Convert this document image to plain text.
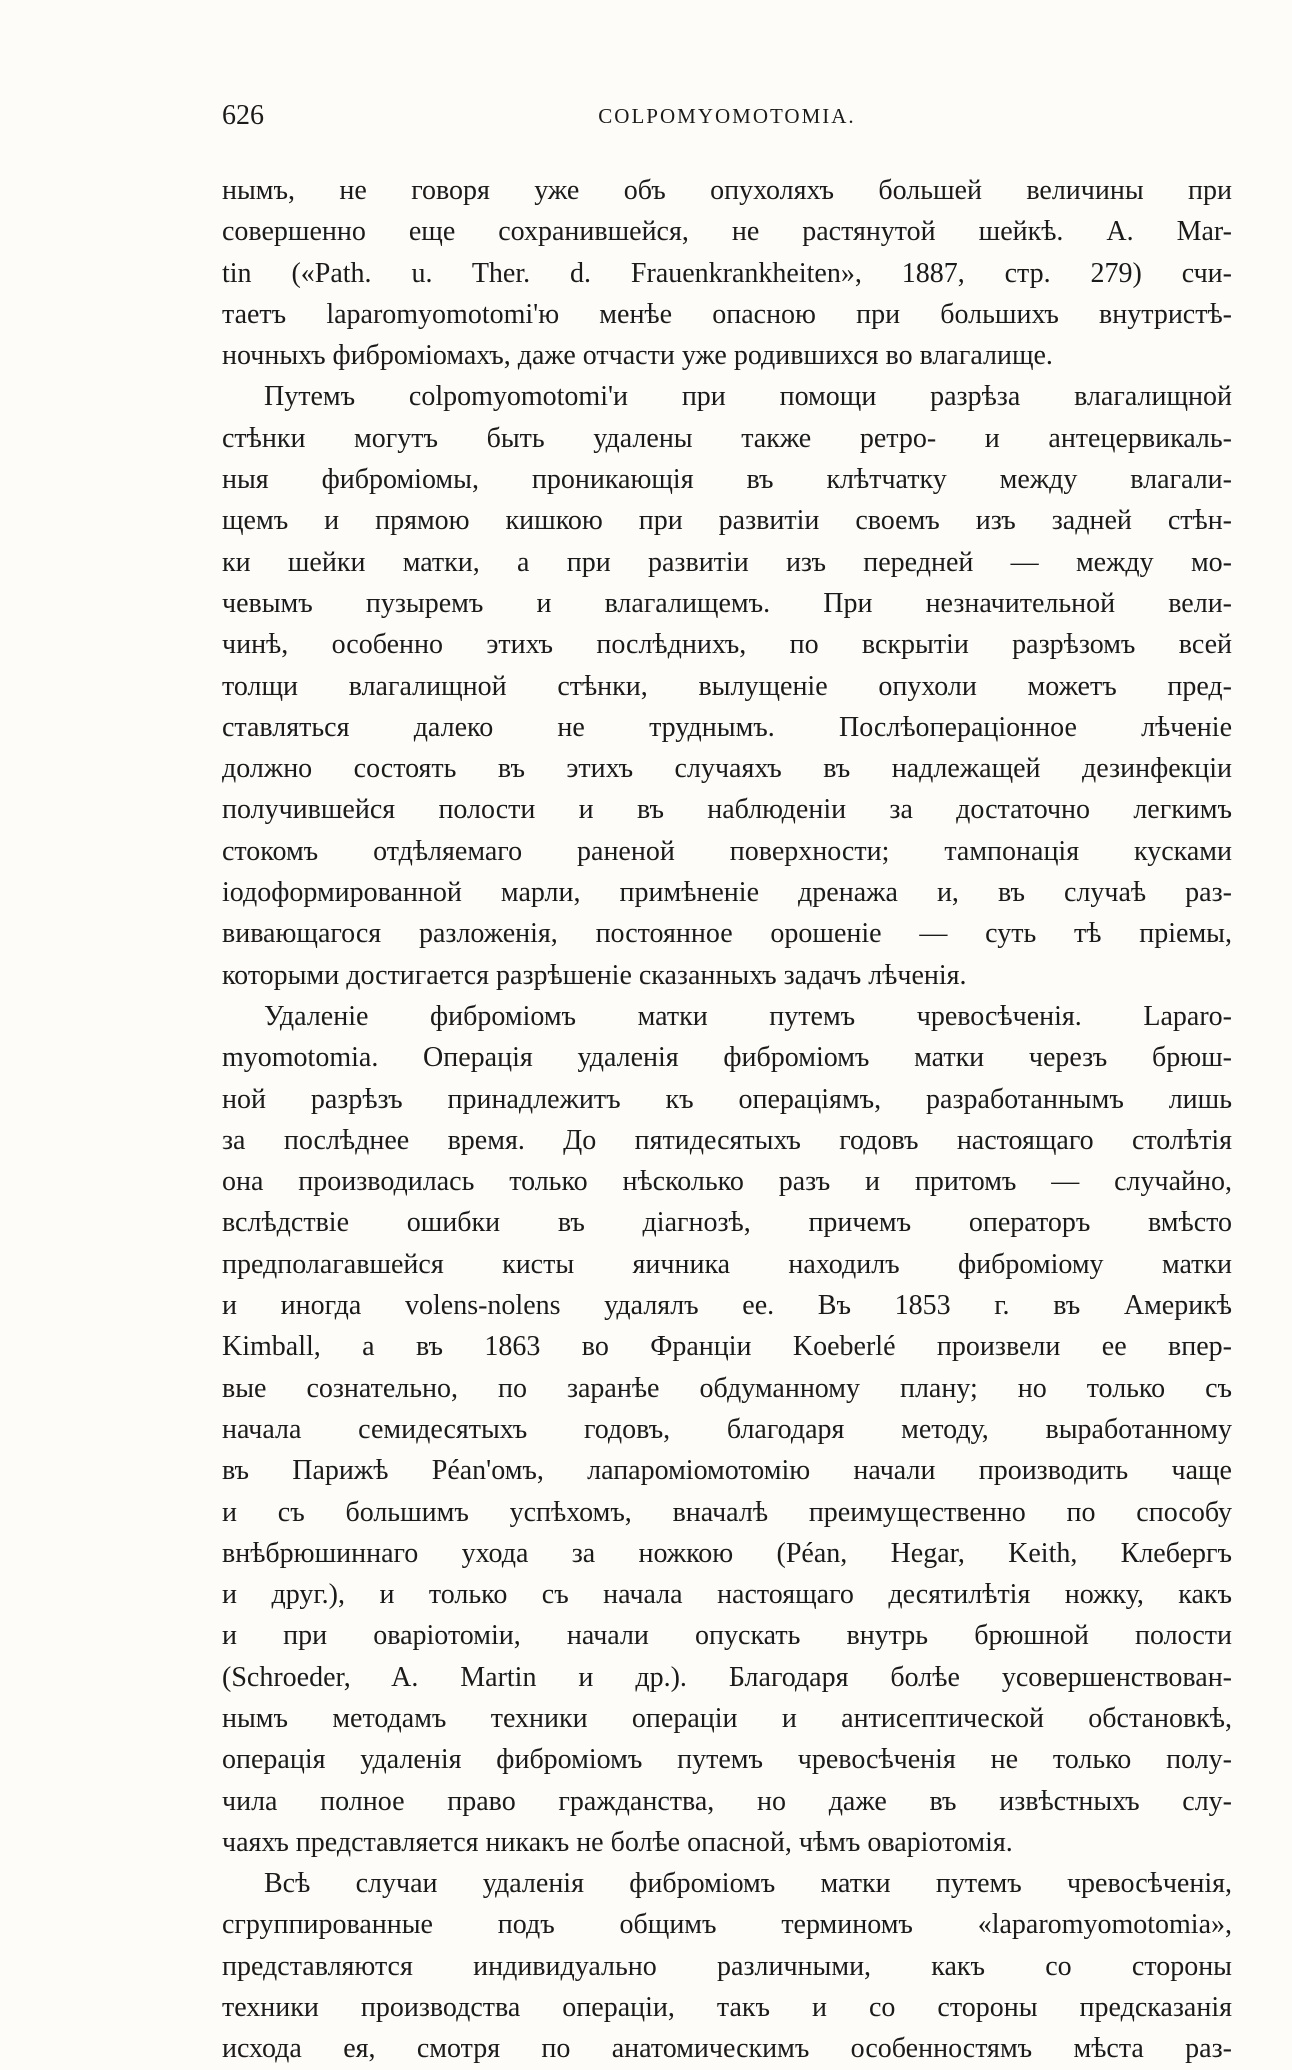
626	COLPOMYOMOTOMIA.
нымъ, не говоря уже объ опухоляхъ большей величины при
совершенно еще сохранившейся, не растянутой шейкѣ. A. Mar-
tin («Path. u. Ther. d. Frauenkrankheiten», 1887, стр. 279) счи-
таетъ laparomyomotomi'ю менѣе опасною при большихъ внутристѣ-
ночныхъ фиброміомахъ, даже отчасти уже родившихся во влагалище.
Путемъ colpomyomotomi'и при помощи разрѣза влагалищной
стѣнки могутъ быть удалены также ретро- и антецервикаль-
ныя фиброміомы, проникающія въ клѣтчатку между влагали-
щемъ и прямою кишкою при развитіи своемъ изъ задней стѣн-
ки шейки матки, а при развитіи изъ передней — между мо-
чевымъ пузыремъ и влагалищемъ. При незначительной вели-
чинѣ, особенно этихъ послѣднихъ, по вскрытіи разрѣзомъ всей
толщи влагалищной стѣнки, вылущеніе опухоли можетъ пред-
ставляться далеко не труднымъ. Послѣопераціонное лѣченіе
должно состоять въ этихъ случаяхъ въ надлежащей дезинфекціи
получившейся полости и въ наблюденіи за достаточно легкимъ
стокомъ отдѣляемаго раненой поверхности; тампонація кусками
іодоформированной марли, примѣненіе дренажа и, въ случаѣ раз-
вивающагося разложенія, постоянное орошеніе — суть тѣ пріемы,
которыми достигается разрѣшеніе сказанныхъ задачъ лѣченія.
Удаленіе фиброміомъ матки путемъ чревосѣченія. Laparo-
myomotomia. Операція удаленія фиброміомъ матки черезъ брюш-
ной разрѣзъ принадлежитъ къ операціямъ, разработаннымъ лишь
за послѣднее время. До пятидесятыхъ годовъ настоящаго столѣтія
она производилась только нѣсколько разъ и притомъ — случайно,
вслѣдствіе ошибки въ діагнозѣ, причемъ операторъ вмѣсто
предполагавшейся кисты яичника находилъ фиброміому матки
и иногда volens-nolens удалялъ ее. Въ 1853 г. въ Америкѣ
Kimball, а въ 1863 во Франціи Koeberlé произвели ее впер-
вые сознательно, по заранѣе обдуманному плану; но только съ
начала семидесятыхъ годовъ, благодаря методу, выработанному
въ Парижѣ Péan'омъ, лапароміомотомію начали производить чаще
и съ большимъ успѣхомъ, вначалѣ преимущественно по способу
внѣбрюшиннаго ухода за ножкою (Péan, Hegar, Keith, Клебергъ
и друг.), и только съ начала настоящаго десятилѣтія ножку, какъ
и при оваріотоміи, начали опускать внутрь брюшной полости
(Schroeder, A. Martin и др.). Благодаря болѣе усовершенствован-
нымъ методамъ техники операціи и антисептической обстановкѣ,
операція удаленія фиброміомъ путемъ чревосѣченія не только полу-
чила полное право гражданства, но даже въ извѣстныхъ слу-
чаяхъ представляется никакъ не болѣе опасной, чѣмъ оваріотомія.
Всѣ случаи удаленія фиброміомъ матки путемъ чревосѣченія,
сгруппированные подъ общимъ терминомъ «laparomyomotomia»,
представляются индивидуально различными, какъ со стороны
техники производства операціи, такъ и со стороны предсказанія
исхода ея, смотря по анатомическимъ особенностямъ мѣста раз-
